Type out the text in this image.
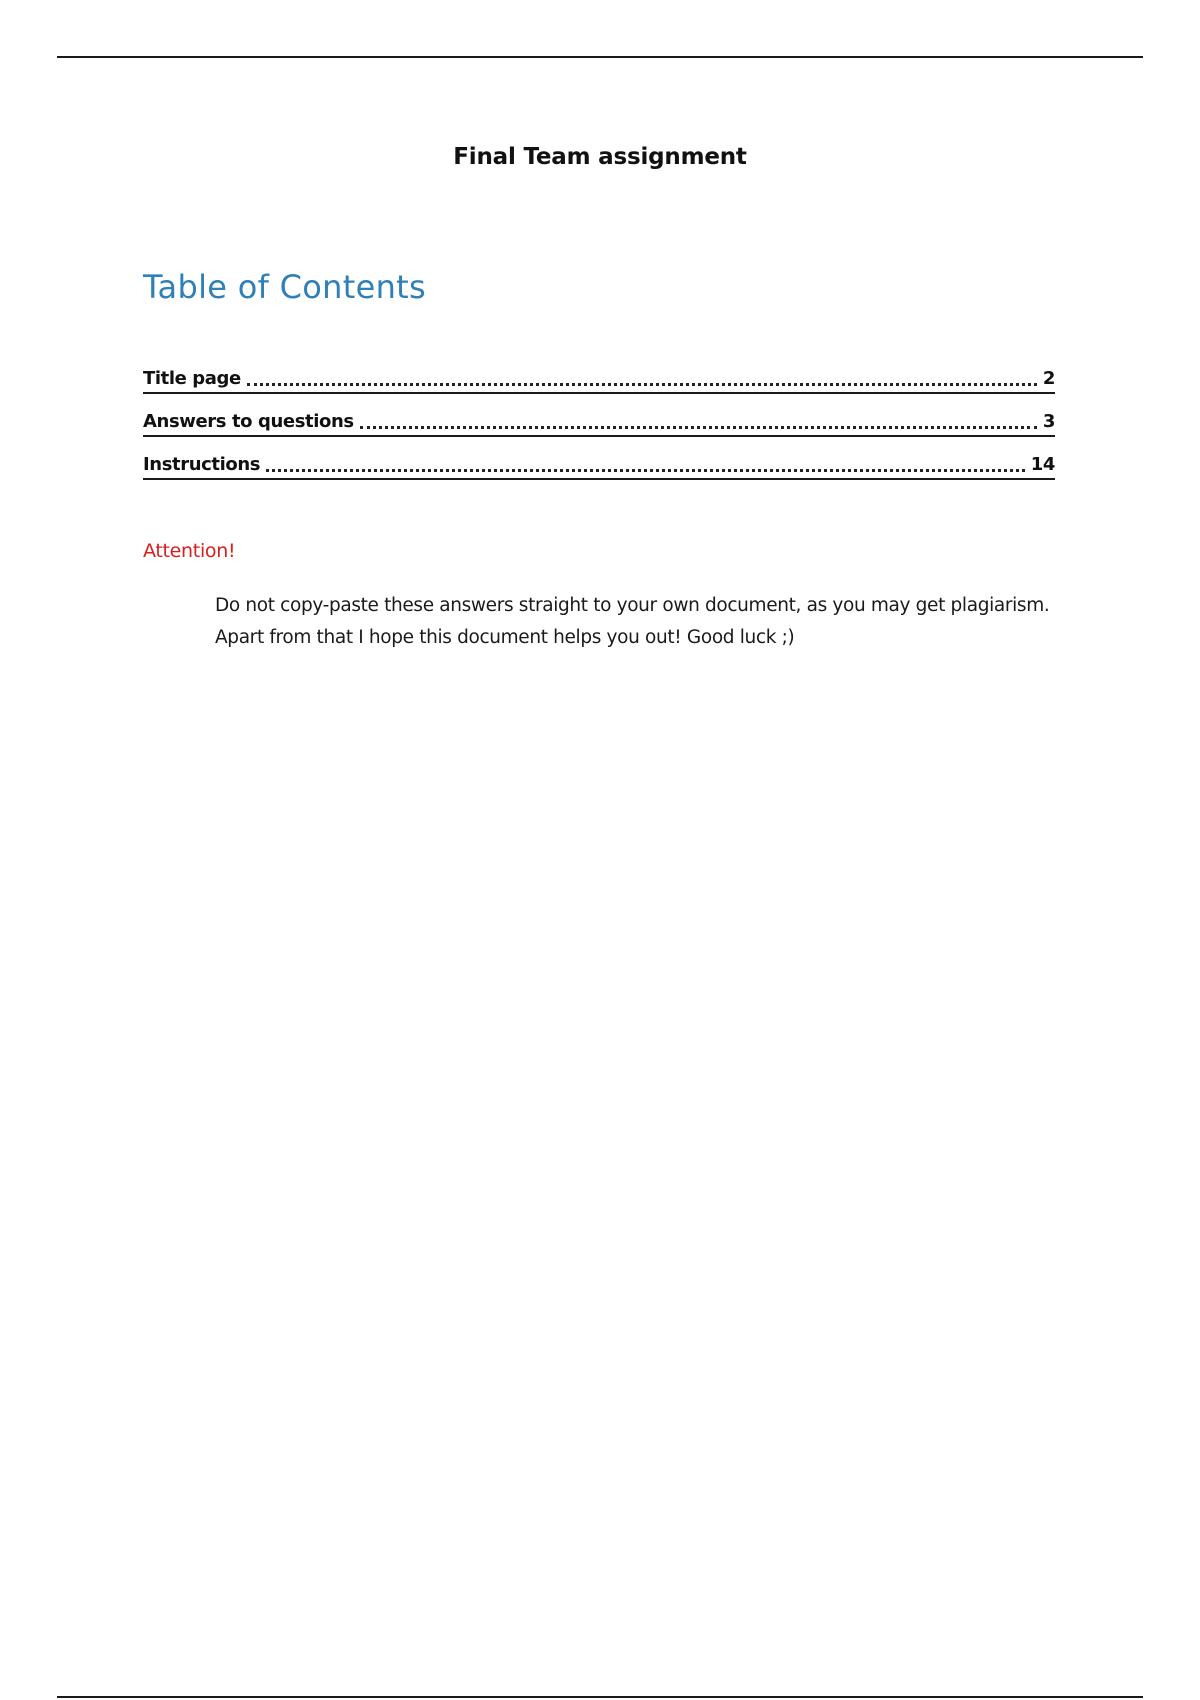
Final Team assignment
Table of Contents
Title page	2
Answers to questions	3
Instructions	14
Attention!

Do not copy-paste these answers straight to your own document, as you may get plagiarism.

Apart from that I hope this document helps you out! Good luck ;)
